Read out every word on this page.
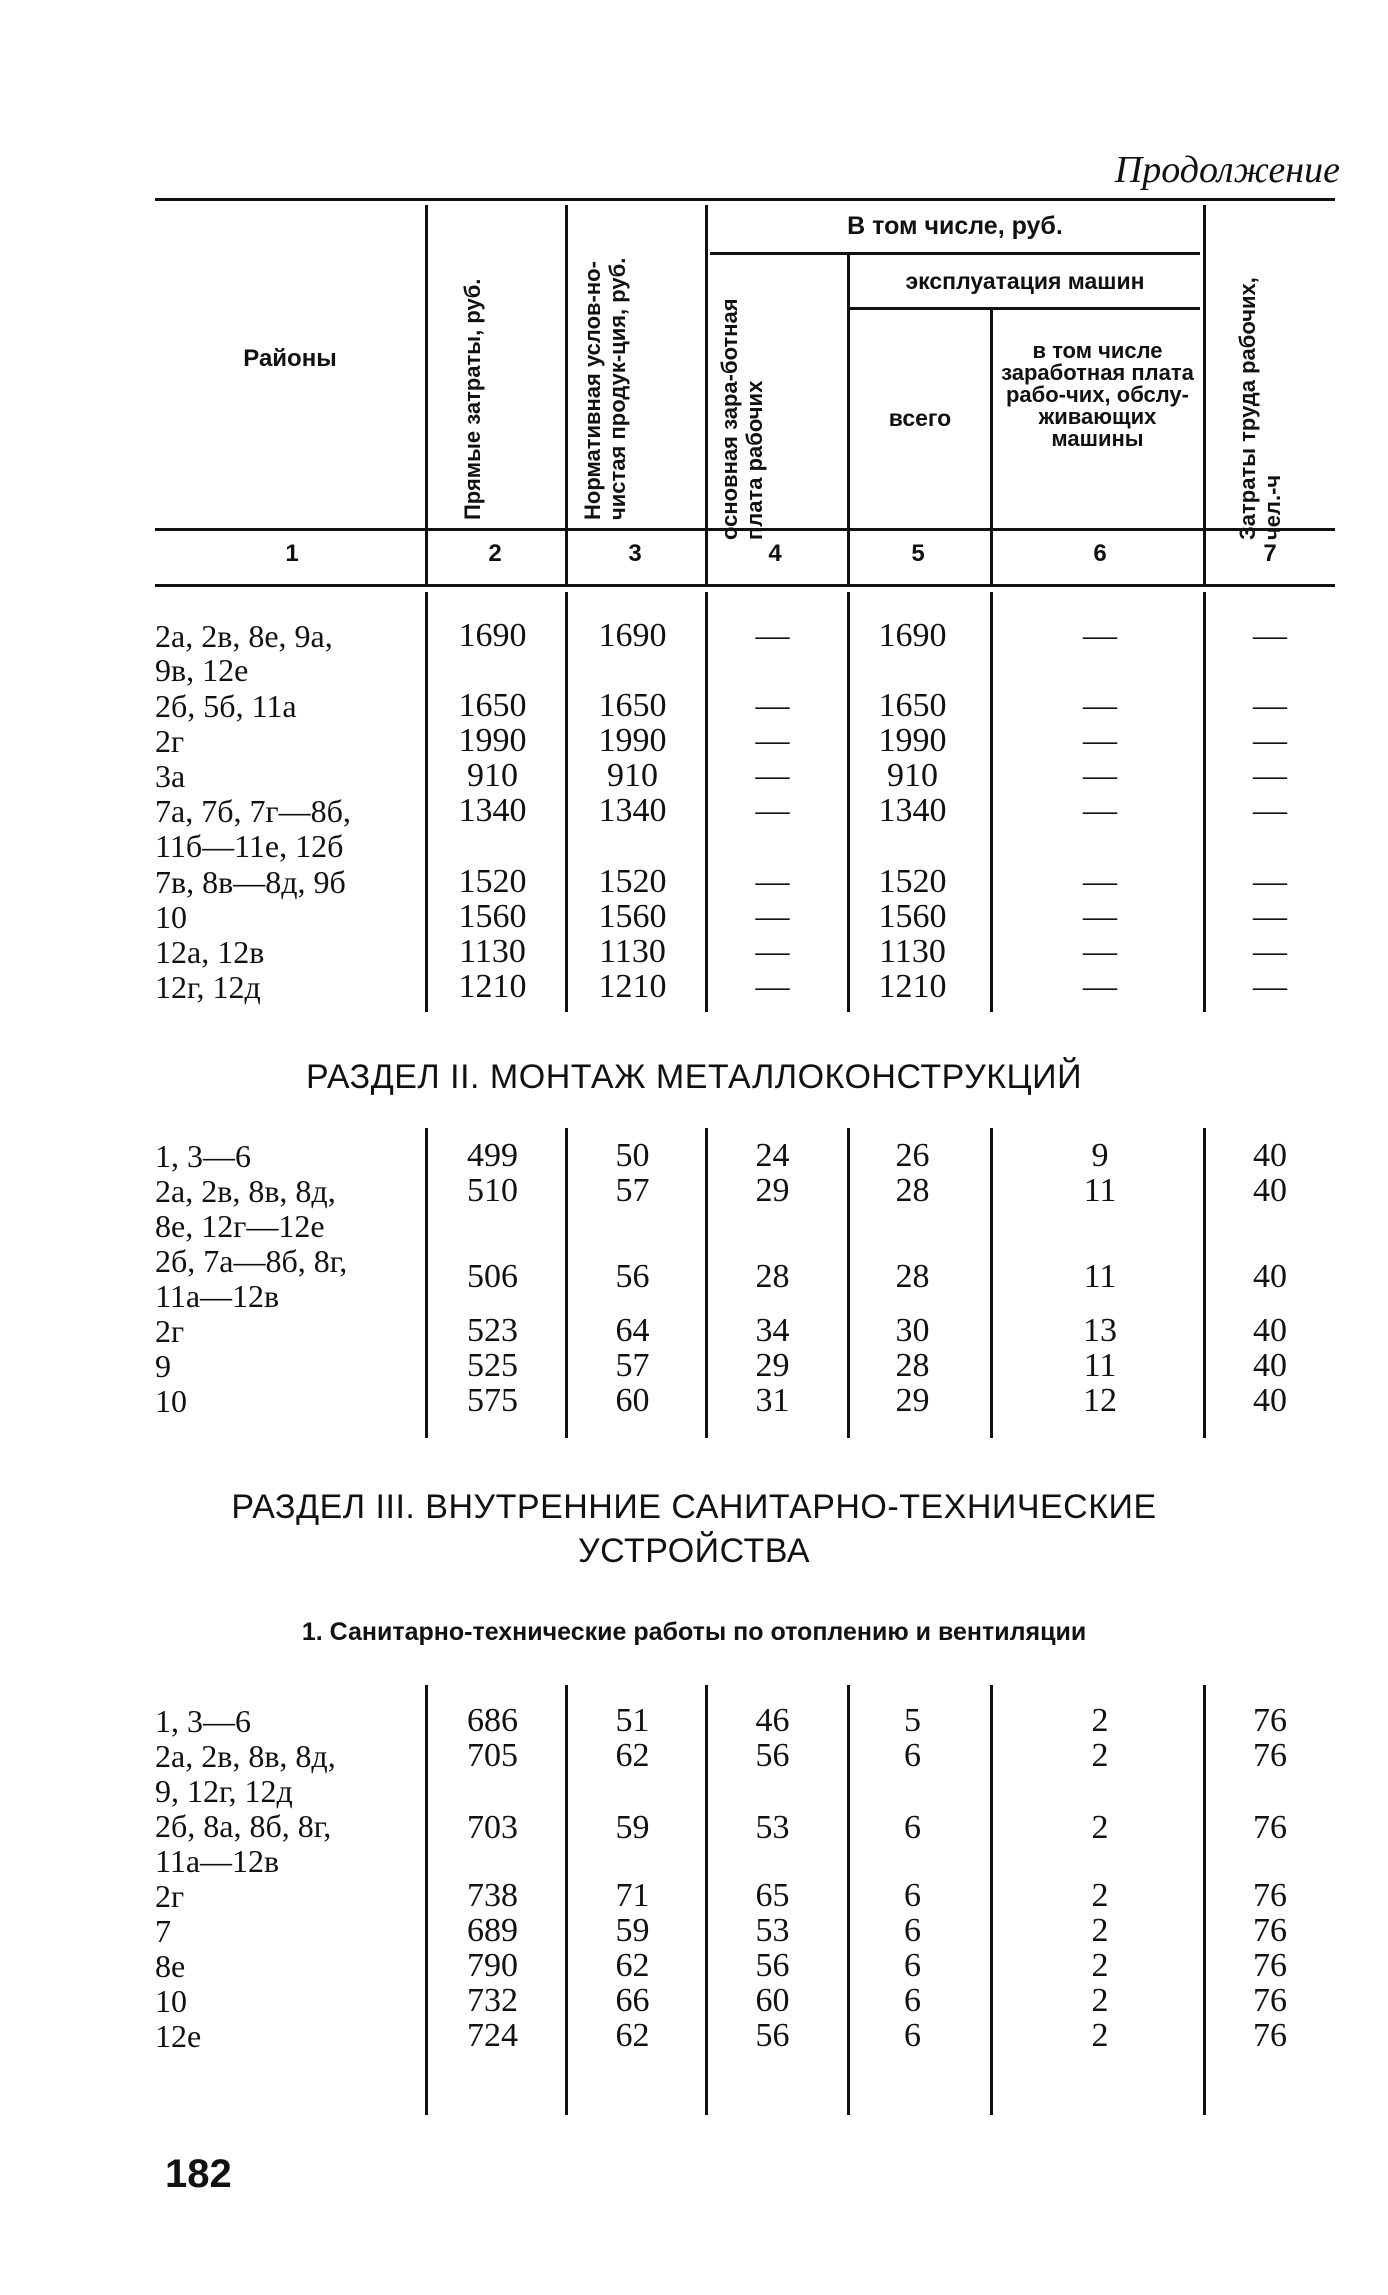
Продолжение
Районы	Прямые затраты, руб.	Нормативная услов-но-чистая продук-ция, руб.
В том числе, руб.
основная зара-ботная плата рабочих
эксплуатация машин
всего
в том числе заработная плата рабо-чих, обслу-живающих машины	Затраты труда рабочих, чел.-ч
1	2	3	4	5	6	7
2а, 2в, 8е, 9а,	1690	1690	—	1690	—	—
9в, 12е
2б, 5б, 11а	1650	1650	—	1650	—	—
2г	1990	1990	—	1990	—	—
3а	910	910	—	910	—	—
7а, 7б, 7г—8б,	1340	1340	—	1340	—	—
11б—11е, 12б
7в, 8в—8д, 9б	1520	1520	—	1520	—	—
10	1560	1560	—	1560	—	—
12а, 12в	1130	1130	—	1130	—	—
12г, 12д	1210	1210	—	1210	—	—
РАЗДЕЛ II. МОНТАЖ МЕТАЛЛОКОНСТРУКЦИЙ
1, 3—6	499	50	24	26	9	40
2а, 2в, 8в, 8д,	510	57	29	28	11	40
8е, 12г—12е
2б, 7а—8б, 8г,	506	56	28	28	11	40
11а—12в
2г	523	64	34	30	13	40
9	525	57	29	28	11	40
10	575	60	31	29	12	40
РАЗДЕЛ III. ВНУТРЕННИЕ САНИТАРНО-ТЕХНИЧЕСКИЕ
УСТРОЙСТВА
1. Санитарно-технические работы по отоплению и вентиляции
1, 3—6	686	51	46	5	2	76
2а, 2в, 8в, 8д,	705	62	56	6	2	76
9, 12г, 12д
2б, 8а, 8б, 8г,	703	59	53	6	2	76
11а—12в
2г	738	71	65	6	2	76
7	689	59	53	6	2	76
8е	790	62	56	6	2	76
10	732	66	60	6	2	76
12е	724	62	56	6	2	76
182
